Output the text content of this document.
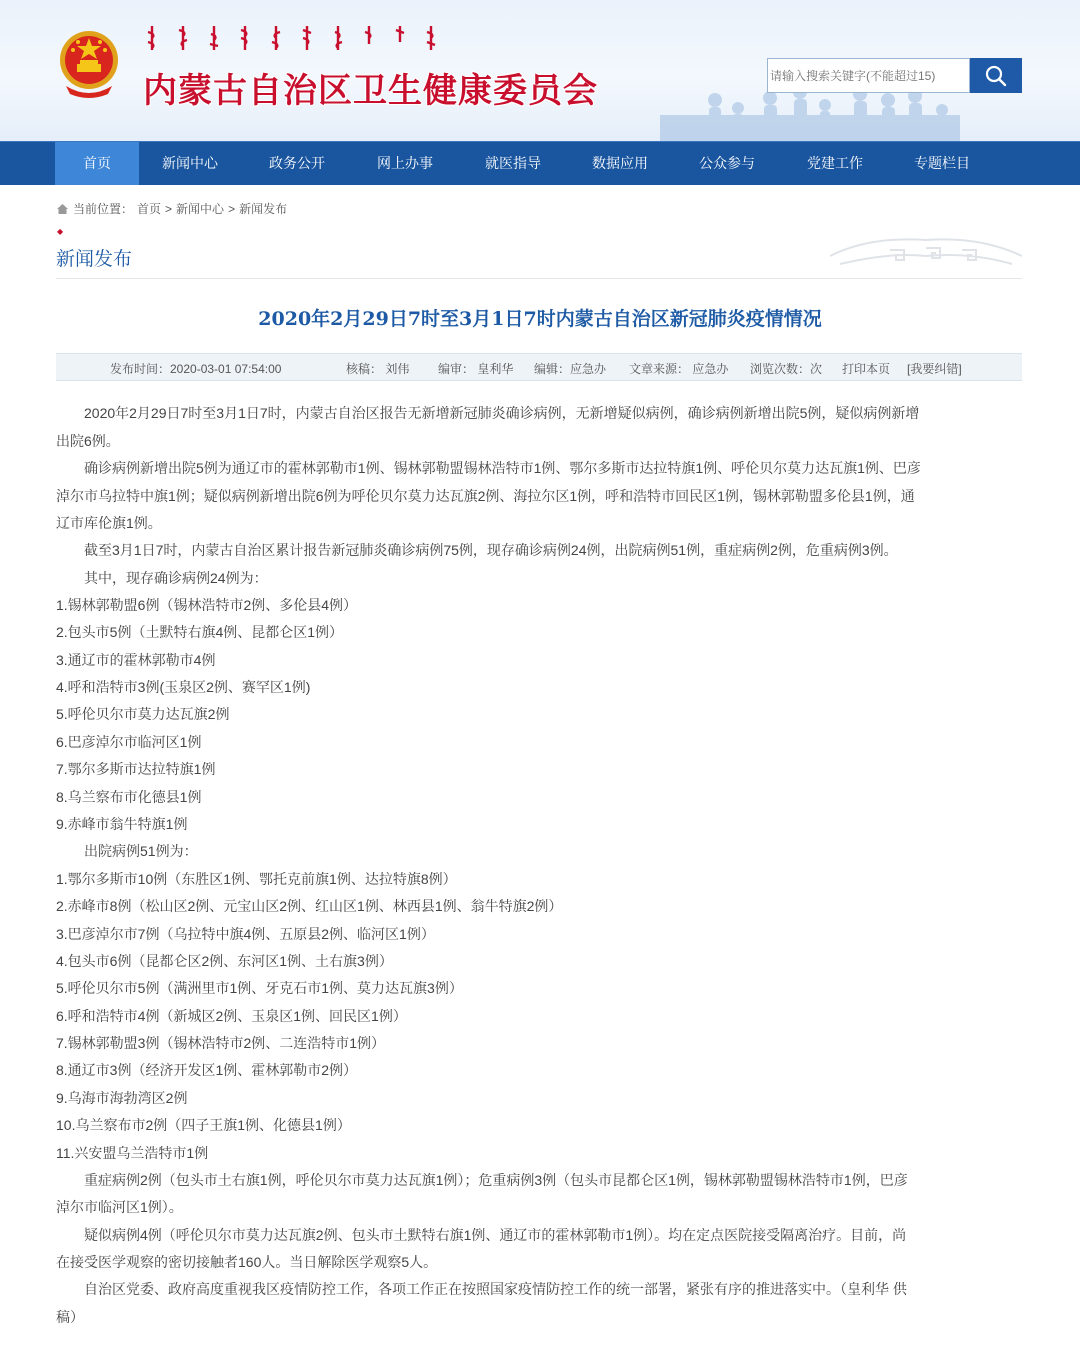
内蒙古自治区卫生健康委员会
请输入搜索关键字(不能超过15)
首页	新闻中心	政务公开	网上办事	就医指导	数据应用	公众参与	党建工作	专题栏目
当前位置： 首页 > 新闻中心 > 新闻发布
◆
新闻发布
2020年2月29日7时至3月1日7时内蒙古自治区新冠肺炎疫情情况
发布时间：2020-03-01 07:54:00	核稿： 刘伟 编审： 皇利华 编辑：应急办 文章来源： 应急办 浏览次数：次 打印本页 [我要纠错]
　　2020年2月29日7时至3月1日7时，内蒙古自治区报告无新增新冠肺炎确诊病例，无新增疑似病例，确诊病例新增出院5例，疑似病例新增
出院6例。
　　确诊病例新增出院5例为通辽市的霍林郭勒市1例、锡林郭勒盟锡林浩特市1例、鄂尔多斯市达拉特旗1例、呼伦贝尔莫力达瓦旗1例、巴彦
淖尔市乌拉特中旗1例；疑似病例新增出院6例为呼伦贝尔莫力达瓦旗2例、海拉尔区1例，呼和浩特市回民区1例，锡林郭勒盟多伦县1例，通
辽市库伦旗1例。
　　截至3月1日7时，内蒙古自治区累计报告新冠肺炎确诊病例75例，现存确诊病例24例，出院病例51例，重症病例2例，危重病例3例。
　　其中，现存确诊病例24例为：
1.锡林郭勒盟6例（锡林浩特市2例、多伦县4例）
2.包头市5例（土默特右旗4例、昆都仑区1例）
3.通辽市的霍林郭勒市4例
4.呼和浩特市3例(玉泉区2例、赛罕区1例)
5.呼伦贝尔市莫力达瓦旗2例
6.巴彦淖尔市临河区1例
7.鄂尔多斯市达拉特旗1例
8.乌兰察布市化德县1例
9.赤峰市翁牛特旗1例
　　出院病例51例为：
1.鄂尔多斯市10例（东胜区1例、鄂托克前旗1例、达拉特旗8例）
2.赤峰市8例（松山区2例、元宝山区2例、红山区1例、林西县1例、翁牛特旗2例）
3.巴彦淖尔市7例（乌拉特中旗4例、五原县2例、临河区1例）
4.包头市6例（昆都仑区2例、东河区1例、土右旗3例）
5.呼伦贝尔市5例（满洲里市1例、牙克石市1例、莫力达瓦旗3例）
6.呼和浩特市4例（新城区2例、玉泉区1例、回民区1例）
7.锡林郭勒盟3例（锡林浩特市2例、二连浩特市1例）
8.通辽市3例（经济开发区1例、霍林郭勒市2例）
9.乌海市海勃湾区2例
10.乌兰察布市2例（四子王旗1例、化德县1例）
11.兴安盟乌兰浩特市1例
　　重症病例2例（包头市土右旗1例，呼伦贝尔市莫力达瓦旗1例）；危重病例3例（包头市昆都仑区1例，锡林郭勒盟锡林浩特市1例，巴彦
淖尔市临河区1例）。
　　疑似病例4例（呼伦贝尔市莫力达瓦旗2例、包头市土默特右旗1例、通辽市的霍林郭勒市1例）。均在定点医院接受隔离治疗。目前，尚
在接受医学观察的密切接触者160人。当日解除医学观察5人。
　　自治区党委、政府高度重视我区疫情防控工作，各项工作正在按照国家疫情防控工作的统一部署，紧张有序的推进落实中。（皇利华 供
稿）
